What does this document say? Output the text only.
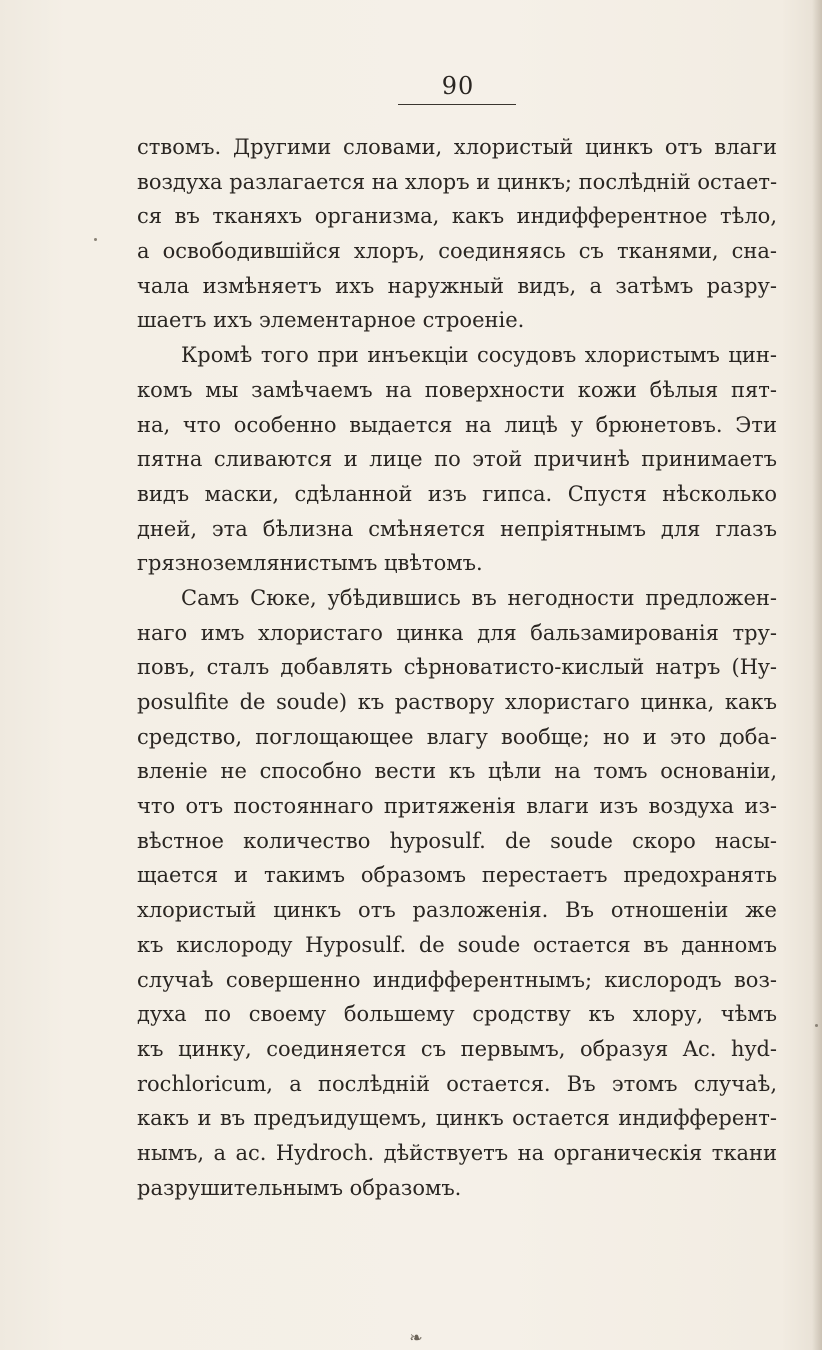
90
ствомъ. Другими словами, хлористый цинкъ отъ влаги
воздуха разлагается на хлоръ и цинкъ; послѣдній остает-
ся въ тканяхъ организма, какъ индифферентное тѣло,
а освободившійся хлоръ, соединяясь съ тканями, сна-
чала измѣняетъ ихъ наружный видъ, а затѣмъ разру-
шаетъ ихъ элементарное строеніе.
Кромѣ того при инъекціи сосудовъ хлористымъ цин-
комъ мы замѣчаемъ на поверхности кожи бѣлыя пят-
на, что особенно выдается на лицѣ у брюнетовъ. Эти
пятна сливаются и лице по этой причинѣ принимаетъ
видъ маски, сдѣланной изъ гипса. Спустя нѣсколько
дней, эта бѣлизна смѣняется непріятнымъ для глазъ
грязноземлянистымъ цвѣтомъ.
Самъ Сюке, убѣдившись въ негодности предложен-
наго имъ хлористаго цинка для бальзамированія тру-
повъ, сталъ добавлять сѣрноватисто-кислый натръ (Hy-
posulfite de soude) къ раствору хлористаго цинка, какъ
средство, поглощающее влагу вообще; но и это доба-
вленіе не способно вести къ цѣли на томъ основаніи,
что отъ постояннаго притяженія влаги изъ воздуха из-
вѣстное количество hyposulf. de soude скоро насы-
щается и такимъ образомъ перестаетъ предохранять
хлористый цинкъ отъ разложенія. Въ отношеніи же
къ кислороду Hyposulf. de soude остается въ данномъ
случаѣ совершенно индифферентнымъ; кислородъ воз-
духа по своему большему сродству къ хлору, чѣмъ
къ цинку, соединяется съ первымъ, образуя Ac. hyd-
rochloricum, а послѣдній остается. Въ этомъ случаѣ,
какъ и въ предъидущемъ, цинкъ остается индифферент-
нымъ, а ac. Hydroch. дѣйствуетъ на органическія ткани
разрушительнымъ образомъ.
❧
